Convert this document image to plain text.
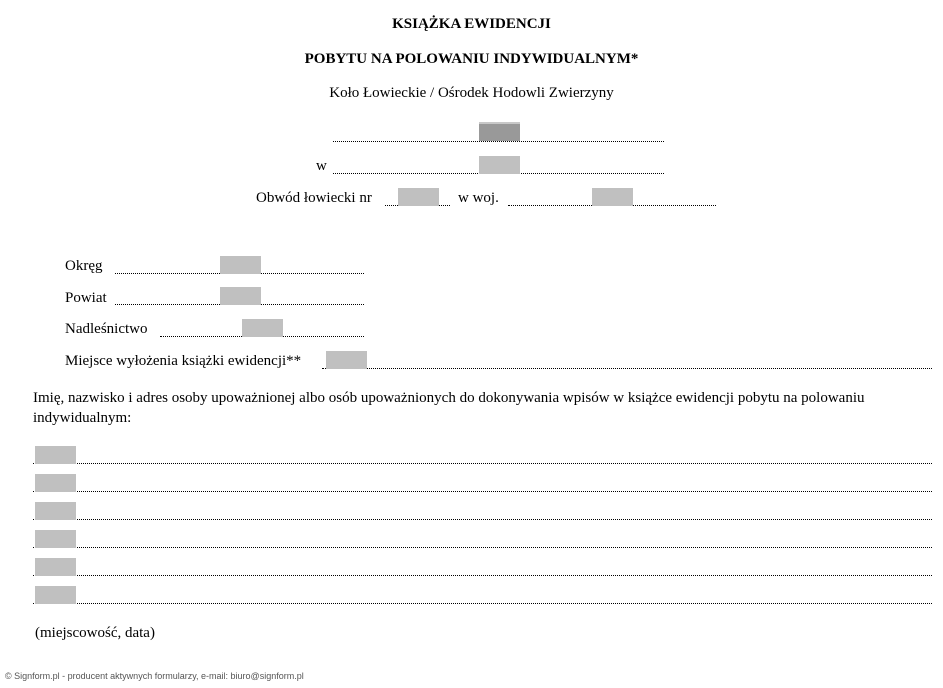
KSIĄŻKA EWIDENCJI
POBYTU NA POLOWANIU INDYWIDUALNYM*
Koło Łowieckie / Ośrodek Hodowli Zwierzyny
w
Obwód łowiecki nr	w woj.
Okręg
Powiat
Nadleśnictwo
Miejsce wyłożenia książki ewidencji**
Imię, nazwisko i adres osoby upoważnionej albo osób upoważnionych do dokonywania wpisów w książce ewidencji pobytu na polowaniu indywidualnym:
(miejscowość, data)
© Signform.pl - producent aktywnych formularzy, e-mail: biuro@signform.pl
